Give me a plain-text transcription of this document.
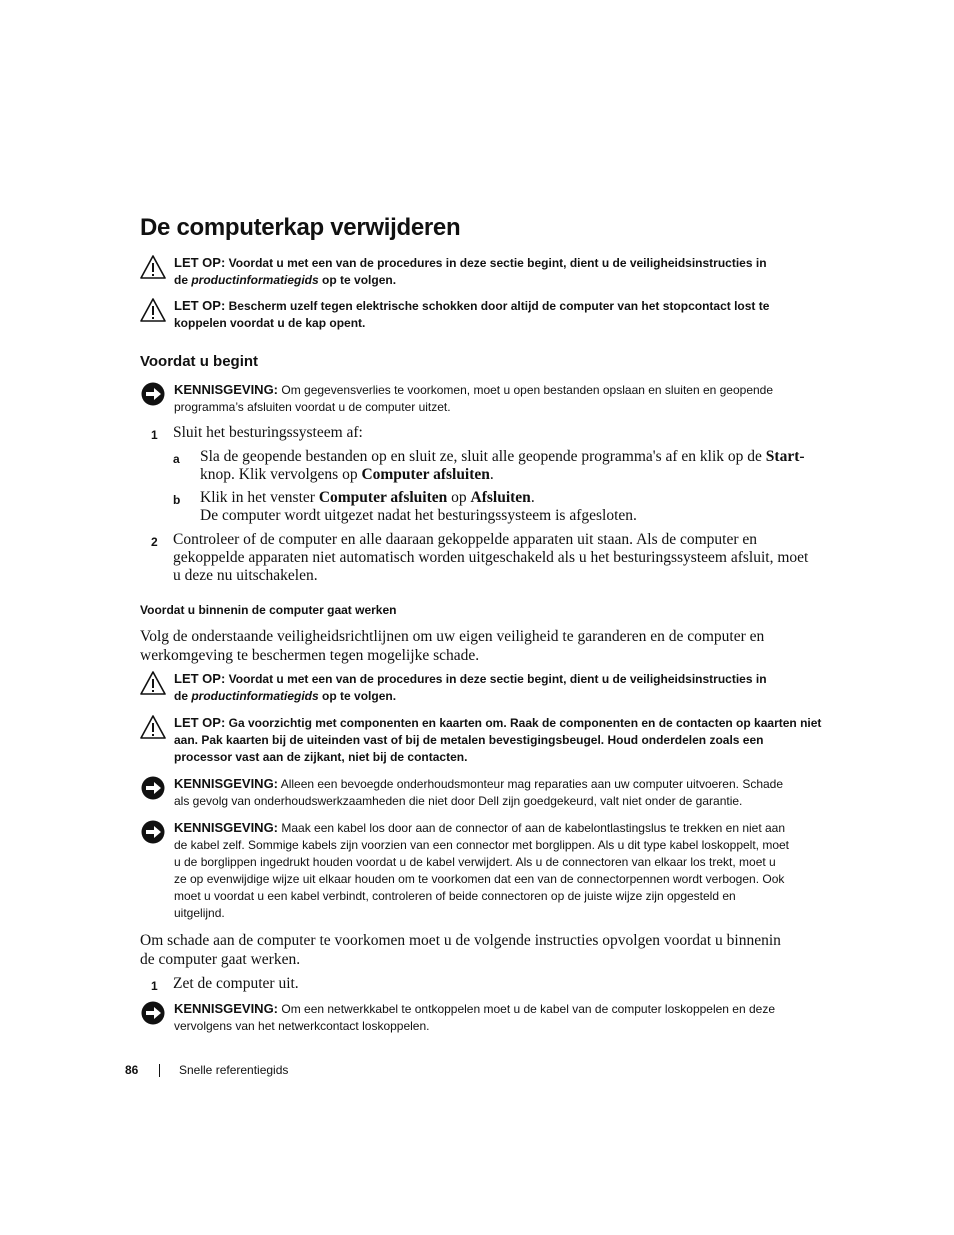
De computerkap verwijderen
LET OP: Voordat u met een van de procedures in deze sectie begint, dient u de veiligheidsinstructies in
de productinformatiegids op te volgen.
LET OP: Bescherm uzelf tegen elektrische schokken door altijd de computer van het stopcontact lost te
koppelen voordat u de kap opent.
Voordat u begint
KENNISGEVING: Om gegevensverlies te voorkomen, moet u open bestanden opslaan en sluiten en geopende
programma’s afsluiten voordat u de computer uitzet.
1 Sluit het besturingssysteem af:
a Sla de geopende bestanden op en sluit ze, sluit alle geopende programma's af en klik op de Start-
knop. Klik vervolgens op Computer afsluiten.
b Klik in het venster Computer afsluiten op Afsluiten.
De computer wordt uitgezet nadat het besturingssysteem is afgesloten.
2 Controleer of de computer en alle daaraan gekoppelde apparaten uit staan. Als de computer en
gekoppelde apparaten niet automatisch worden uitgeschakeld als u het besturingssysteem afsluit, moet
u deze nu uitschakelen.
Voordat u binnenin de computer gaat werken
Volg de onderstaande veiligheidsrichtlijnen om uw eigen veiligheid te garanderen en de computer en
werkomgeving te beschermen tegen mogelijke schade.
LET OP: Voordat u met een van de procedures in deze sectie begint, dient u de veiligheidsinstructies in
de productinformatiegids op te volgen.
LET OP: Ga voorzichtig met componenten en kaarten om. Raak de componenten en de contacten op kaarten niet
aan. Pak kaarten bij de uiteinden vast of bij de metalen bevestigingsbeugel. Houd onderdelen zoals een
processor vast aan de zijkant, niet bij de contacten.
KENNISGEVING: Alleen een bevoegde onderhoudsmonteur mag reparaties aan uw computer uitvoeren. Schade
als gevolg van onderhoudswerkzaamheden die niet door Dell zijn goedgekeurd, valt niet onder de garantie.
KENNISGEVING: Maak een kabel los door aan de connector of aan de kabelontlastingslus te trekken en niet aan
de kabel zelf. Sommige kabels zijn voorzien van een connector met borglippen. Als u dit type kabel loskoppelt, moet
u de borglippen ingedrukt houden voordat u de kabel verwijdert. Als u de connectoren van elkaar los trekt, moet u
ze op evenwijdige wijze uit elkaar houden om te voorkomen dat een van de connectorpennen wordt verbogen. Ook
moet u voordat u een kabel verbindt, controleren of beide connectoren op de juiste wijze zijn opgesteld en
uitgelijnd.
Om schade aan de computer te voorkomen moet u de volgende instructies opvolgen voordat u binnenin
de computer gaat werken.
1 Zet de computer uit.
KENNISGEVING: Om een netwerkkabel te ontkoppelen moet u de kabel van de computer loskoppelen en deze
vervolgens van het netwerkcontact loskoppelen.
86	Snelle referentiegids
